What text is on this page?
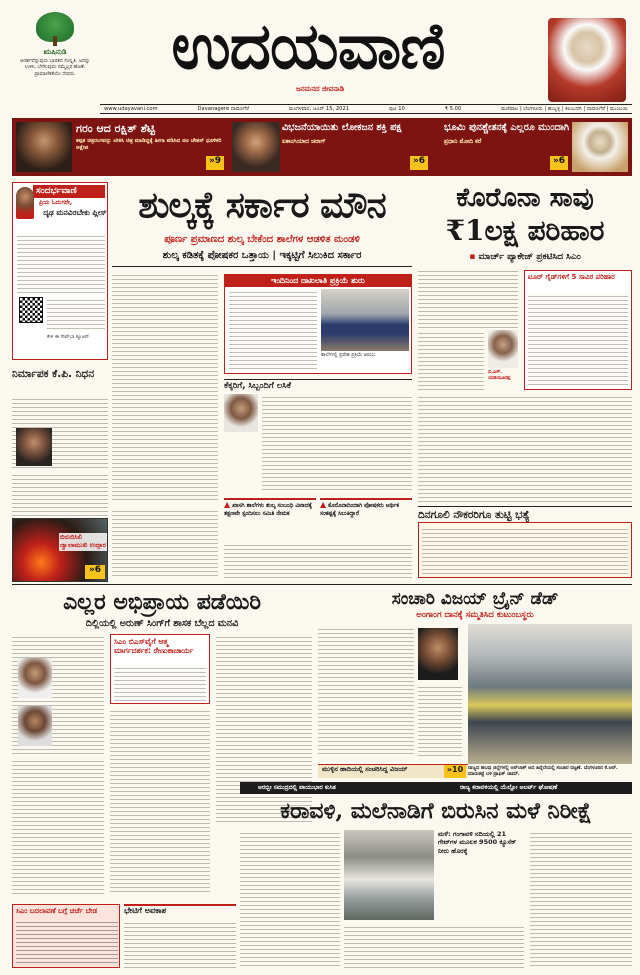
ಋಷಿನುಡಿ
ಆದರ್ಶವೆನ್ನುವುದು ಭಾರತದ ಸಂಸ್ಕೃತಿ. ಅದನ್ನು ಉಳಿಸಿ, ಬೆಳೆಸುವುದು ನಮ್ಮೆಲ್ಲರ ಹೊಣೆ. ಪ್ರಾಮಾಣಿಕತೆಯೇ ದೇವರು.	ಉದಯವಾಣಿ
ಜನಮನದ ಜೀವನಾಡಿ
www.udayavani.com	Davanagere ದಾವಣಗೆರೆ	ಮಂಗಳವಾರ, ಜೂನ್ 15, 2021	ಪುಟ 10	₹ 5.00	ಮಣಿಪಾಲ | ಬೆಂಗಳೂರು | ಹುಬ್ಬಳ್ಳಿ | ಕಲಬುರಗಿ | ದಾವಣಗೆರೆ | ಮುಂಬಯಿ
ಗರಂ ಆದ ರಕ್ಷಿತ್ ಶೆಟ್ಟಿ
ಕಪ್ಪತ ಚಿತ್ರರಂಗವನ್ನು ಟೀಕಿಸಿ ಚಿತ್ರ ಮಾಡಿದ್ದಕ್ಕೆ ಹೀಗಾ ಪಡಿಸಿದ ನಟ ಚೇತನ್ ಧೂಳಿಕರಿ ಅಕ್ಷೇಪ
»9
ವಿಭಜನೆಯಾಯಿತು ಲೋಕಜನ ಶಕ್ತಿ ಪಕ್ಷ
ಏಕಾಂಗಿಯಾದ ಚಿರಾಗ್
»6
ಭೂಮಿ ಪುನಶ್ಚೇತನಕ್ಕೆ ಎಲ್ಲರೂ ಮುಂದಾಗಿ
ಪ್ರಧಾನಿ ಮೋದಿ ಕರೆ
»6
ಸಂದರ್ಭವಾಣಿ
ಪ್ರಿಯ ಓದುಗರೇ,
ದೃಢ ಮನವಿರಬೇಕು ಪ್ಲೀಸ್
ಕೇಳಿ ಈ ಸೇಟ್‌ಬಾ ಕ್ಯೂಆರ್
ನಿರ್ಮಾಪಕ ಕೆ.ಪಿ. ನಿಧನ
ಬಿರುಬಿಸಿಲಿ ಜ್ವಾಲಾಮುಖಿ ಉದ್ಗಾರ
»6
ಶುಲ್ಕಕ್ಕೆ ಸರ್ಕಾರ ಮೌನ
ಪೂರ್ಣ ಪ್ರಮಾಣದ ಶುಲ್ಕ ಬೇಕೆಂದ ಶಾಲೆಗಳ ಆಡಳಿತ ಮಂಡಳಿ
ಶುಲ್ಕ ಕಡಿತಕ್ಕೆ ಪೋಷಕರ ಒತ್ತಾಯ | ಇಕ್ಕಟ್ಟಿಗೆ ಸಿಲುಕಿದ ಸರ್ಕಾರ
ಇಂದಿನಿಂದ ದಾಖಲಾತಿ ಪ್ರಕ್ರಿಯೆ ಶುರು
ಶಾಲೆಗಳಲ್ಲಿ ಪ್ರವೇಶ ಪ್ರಕ್ರಿಯೆ ಆರಂಭ
ಕೆಕ್ಕರಿಗೆ, ಸಿಬ್ಬಂದಿಗೆ ಲಸಿಕೆ
▲ ಖಾಸಗಿ ಶಾಲೆಗಳು ಶುಲ್ಕ ಸಂಬಂಧಿ ವಿವಾದಕ್ಕೆ ತಕ್ಷಣವೇ ಸ್ಪಂದಿಸಲು ಸಮಿತಿ ನೇಮಕ
▲ ಕೊರೊನಾದಿಂದಾಗಿ ಪೋಷಕರು ಆರ್ಥಿಕ ಸಂಕಷ್ಟಕ್ಕೆ ಸಿಲುಕಿದ್ದಾರೆ
ಕೊರೊನಾ ಸಾವು
₹1ಲಕ್ಷ ಪರಿಹಾರ
▪ ಮಾರ್ಚ್ ಪ್ಯಾಕೇಜ್ ಪ್ರಕಟಿಸಿದ ಸಿಎಂ
ಬಿ.ಎಸ್. ಯಡಿಯೂರಪ್ಪ
ಟೂರ್ ಗೈಡ್‌ಗಳಿಗೆ 5 ಸಾವಿರ ಪರಿಹಾರ
ದಿನಗೂಲಿ ನೌಕರರಿಗೂ ತುಟ್ಟಿ ಭತ್ಯೆ
ಎಲ್ಲರ ಅಭಿಪ್ರಾಯ ಪಡೆಯಿರಿ
ದಿಲ್ಲಿಯಲ್ಲಿ ಅರುಣ್ ಸಿಂಗ್‌ಗೆ ಶಾಸಕ ಬೆಲ್ಲದ ಮನವಿ
ಸಿಎಂ ಬಿಎಸ್‌ವೈಗೆ ಆತ್ಮ ಮಾರ್ಗದರ್ಶಕ: ರೇಣುಕಾಚಾರ್ಯ
ಸಂಚಾರಿ ವಿಜಯ್ ಬ್ರೈನ್ ಡೆಡ್
ಅಂಗಾಂಗ ದಾನಕ್ಕೆ ಸಮ್ಮತಿಸಿದ ಕುಟುಂಬಸ್ಥರು
ರಾಜ್ಯದ ಹಲವು ಜಿಲ್ಲೆಗಳಲ್ಲಿ ಅನ್‌ಲಾಕ್ ಆದ ಹಿನ್ನೆಲೆಯಲ್ಲಿ ಸಂಚಾರ ದಟ್ಟಣೆ. ಬೆಂಗಳೂರಿನ ಕೆ.ಆರ್. ಮಾರುಕಟ್ಟೆ ಬಳಿ ಟ್ರಾಫಿಕ್ ಜಾಮ್.
ಮುಳ್ಳಿನ ಹಾದಿಯಲ್ಲಿ ಸಂಚರಿಸಿದ್ದ ವಿಜಯ್	»10
ಅರಬ್ಬೀ ಸಮುದ್ರದಲ್ಲಿ ವಾಯುಭಾರ ಕುಸಿತ	ರಾಜ್ಯ ಕರಾವಳಿಯಲ್ಲಿ ಯೆಲ್ಲೋ ಅಲರ್ಟ್ ಘೋಷಣೆ
ಕರಾವಳಿ, ಮಲೆನಾಡಿಗೆ ಬಿರುಸಿನ ಮಳೆ ನಿರೀಕ್ಷೆ
ಮಳೆ: ಗಂಗಾವಳಿ ನದಿಯಲ್ಲಿ 21 ಗೇಟ್‌ಗಳ ಮೂಲಕ 9500 ಕ್ಯೂಸೆಕ್ ನೀರು ಹೊರಕ್ಕೆ
ಸಿಎಂ ಬದಲಾವಣೆ ಬಗ್ಗೆ ಚರ್ಚೆ ಬೇಡ	ಭೇಟಿಗೆ ಅವಕಾಶ
